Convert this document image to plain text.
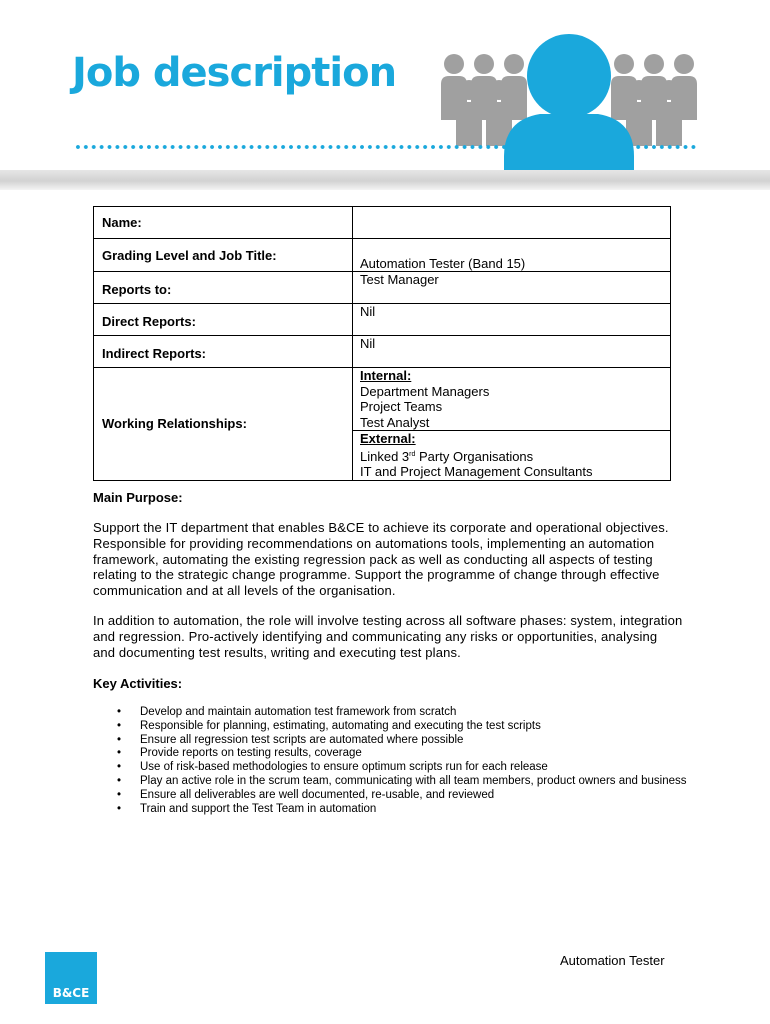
Job description
Name:	

Grading Level and Job Title:	Automation Tester (Band 15)

Reports to:	Test Manager

Direct Reports:	Nil

Indirect Reports:	Nil
Working Relationships:	Internal:
Department Managers
Project Teams
Test Analyst

	External:
Linked 3rd Party Organisations
IT and Project Management Consultants
Main Purpose:

Support the IT department that enables B&CE to achieve its corporate and operational objectives. Responsible for providing recommendations on automations tools, implementing an automation framework, automating the existing regression pack as well as conducting all aspects of testing relating to the strategic change programme. Support the programme of change through effective communication and at all levels of the organisation.

In addition to automation, the role will involve testing across all software phases: system, integration and regression. Pro-actively identifying and communicating any risks or opportunities, analysing and documenting test results, writing and executing test plans.

Key Activities:
• Develop and maintain automation test framework from scratch
• Responsible for planning, estimating, automating and executing the test scripts
• Ensure all regression test scripts are automated where possible
• Provide reports on testing results, coverage
• Use of risk-based methodologies to ensure optimum scripts run for each release
• Play an active role in the scrum team, communicating with all team members, product owners and business
• Ensure all deliverables are well documented, re-usable, and reviewed
• Train and support the Test Team in automation
Automation Tester
B&CE
